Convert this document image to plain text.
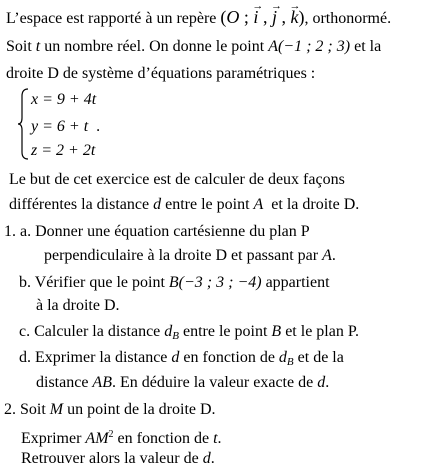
L’espace est rapporté à un repère (O ; → i , → j , → k), orthonormé.
Soit t un nombre réel. On donne le point A(−1 ; 2 ; 3) et la
droite D de système d’équations paramétriques :
x = 9 + 4t
y = 6 + t .
z = 2 + 2t
Le but de cet exercice est de calculer de deux façons
différentes la distance d entre le point A et la droite D.
1. a. Donner une équation cartésienne du plan P
perpendiculaire à la droite D et passant par A.
b. Vérifier que le point B(−3 ; 3 ; −4) appartient
à la droite D.
c. Calculer la distance $d_B$ entre le point B et le plan P.
d. Exprimer la distance d en fonction de $d_B$ et de la
distance AB. En déduire la valeur exacte de d.
2. Soit M un point de la droite D.
Exprimer $AM^2$ en fonction de t.
Retrouver alors la valeur de d.
